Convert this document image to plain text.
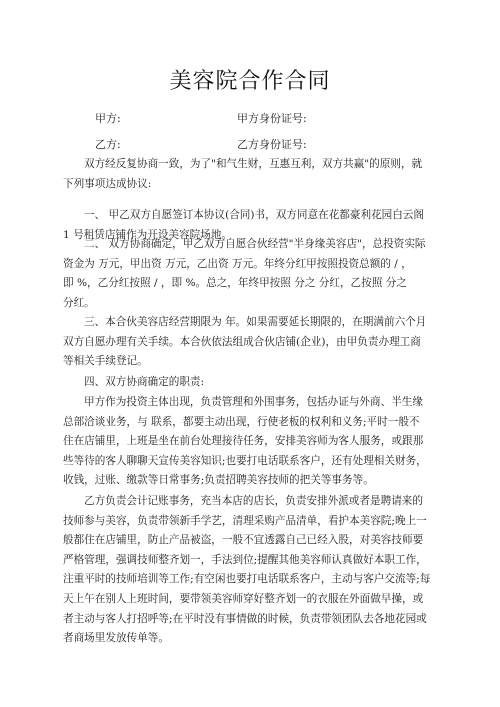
美容院合作合同
甲方:	甲方身份证号:
乙方:	乙方身份证号:
双方经反复协商一致，为了"和气生财，互惠互利，双方共赢"的原则，就
下列事项达成协议:
一、 甲乙双方自愿签订本协议(合同)书，双方同意在花都豪利花园白云阁
1 号租赁店铺作为开设美容院场地。
二、 双方协商确定，甲乙双方自愿合伙经营"半身缘美容店"，总投资实际
资金为 万元，甲出资 万元，乙出资 万元。年终分红甲按照投资总额的 / ，
即 %，乙分红按照 / ，即 %。总之，年终甲按照 分之 分红，乙按照 分之
分红。
三、本合伙美容店经营期限为 年。如果需要延长期限的，在期满前六个月
双方自愿办理有关手续。本合伙依法组成合伙店铺(企业)，由甲负责办理工商
等相关手续登记。
四、双方协商确定的职责:
甲方作为投资主体出现，负责管理和外围事务，包括办证与外商、半生缘
总部洽谈业务，与 联系，都要主动出现，行使老板的权利和义务;平时一般不
住在店铺里，上班是坐在前台处理接待任务，安排美容师为客人服务，或跟那
些等待的客人聊聊天宣传美容知识;也要打电话联系客户，还有处理相关财务，
收钱，过账、缴款等日常事务;负责招聘美容技师的把关等事务等。
乙方负责会计记账事务，充当本店的店长，负责安排外派或者是聘请来的
技师参与美容，负责带领新手学艺，清理采购产品清单，看护本美容院;晚上一
般都住在店铺里，防止产品被盗，一般不宜透露自己已经入股，对美容技师要
严格管理，强调技师整齐划一，手法到位;提醒其他美容师认真做好本职工作，
注重平时的技师培训等工作;有空闲也要打电话联系客户，主动与客户交流等;每
天上午在别人上班时间，要带领美容师穿好整齐划一的衣服在外面做早操，或
者主动与客人打招呼等;在平时没有事情做的时候，负责带领团队去各地花园或
者商场里发放传单等。
